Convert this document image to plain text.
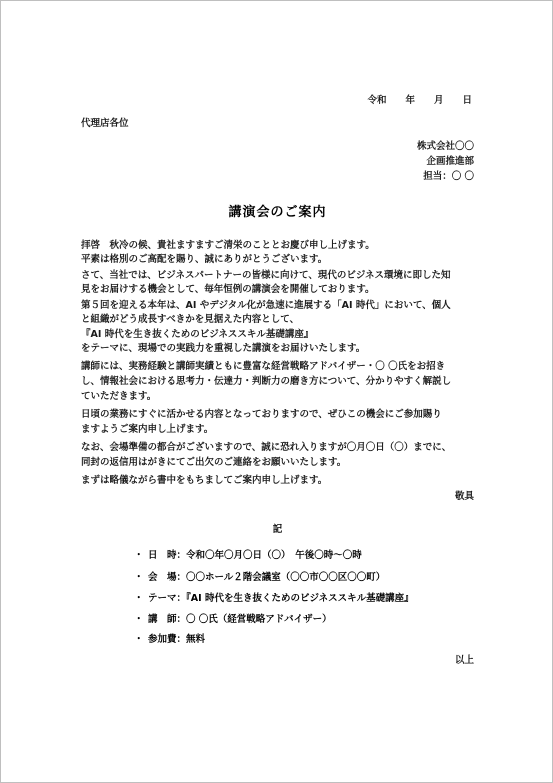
令和　　年　　月　　日
代理店各位
株式会社〇〇
企画推進部
担当：〇 〇
講演会のご案内
拝啓　秋冷の候、貴社ますますご清栄のこととお慶び申し上げます。
平素は格別のご高配を賜り、誠にありがとうございます。
さて、当社では、ビジネスパートナーの皆様に向けて、現代のビジネス環境に即した知
見をお届けする機会として、毎年恒例の講演会を開催しております。
第５回を迎える本年は、AI やデジタル化が急速に進展する「AI 時代」において、個人
と組織がどう成長すべきかを見据えた内容として、
『AI 時代を生き抜くためのビジネススキル基礎講座』
をテーマに、現場での実践力を重視した講演をお届けいたします。
講師には、実務経験と講師実績ともに豊富な経営戦略アドバイザー・〇 〇氏をお招き
し、情報社会における思考力・伝達力・判断力の磨き方について、分かりやすく解説し
ていただきます。
日頃の業務にすぐに活かせる内容となっておりますので、ぜひこの機会にご参加賜り
ますようご案内申し上げます。
なお、会場準備の都合がございますので、誠に恐れ入りますが〇月〇日（〇）までに、
同封の返信用はがきにてご出欠のご連絡をお願いいたします。
まずは略儀ながら書中をもちましてご案内申し上げます。
敬具
記
・ 日　時：令和〇年〇月〇日（〇）　午後〇時～〇時
・ 会　場：〇〇ホール２階会議室（〇〇市〇〇区〇〇町）
・ テーマ：『AI 時代を生き抜くためのビジネススキル基礎講座』
・ 講　師：〇 〇氏（経営戦略アドバイザー）
・ 参加費：無料
以上
